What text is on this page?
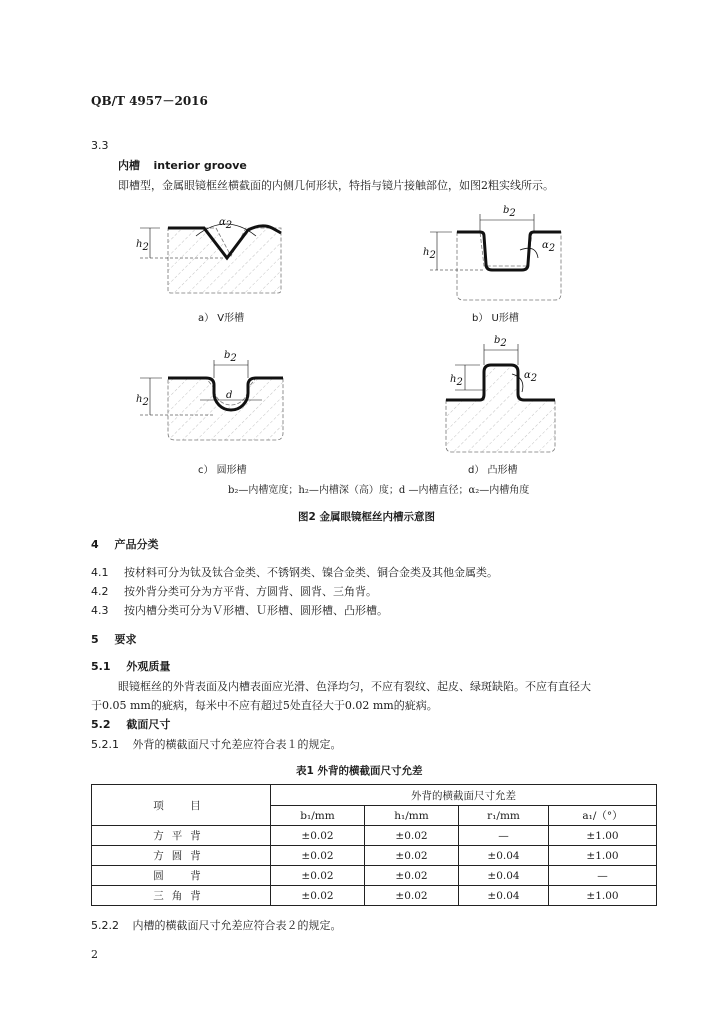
QB/T 4957－2016
3.3
内槽 interior groove
即槽型，金属眼镜框丝横截面的内侧几何形状，特指与镜片接触部位，如图2粗实线所示。
α2
h2
b2
h2
α2
b2
d
h2
b2
h2
α2
a） V形槽	b） U形槽
c） 圆形槽	d） 凸形槽
b₂—内槽宽度；h₂—内槽深（高）度；d —内槽直径；α₂—内槽角度
图2 金属眼镜框丝内槽示意图
4 产品分类
4.1 按材料可分为钛及钛合金类、不锈钢类、镍合金类、铜合金类及其他金属类。
4.2 按外背分类可分为方平背、方圆背、圆背、三角背。
4.3 按内槽分类可分为Ｖ形槽、Ｕ形槽、圆形槽、凸形槽。
5 要求
5.1 外观质量
眼镜框丝的外背表面及内槽表面应光滑、色泽均匀，不应有裂纹、起皮、绿斑缺陷。不应有直径大
于0.05 mm的疵病，每米中不应有超过5处直径大于0.02 mm的疵病。
5.2 截面尺寸
5.2.1 外背的横截面尺寸允差应符合表１的规定。
表1 外背的横截面尺寸允差
项　目	外背的横截面尺寸允差			
	b₁/mm	h₁/mm	r₁/mm	a₁/（°）
方平背	±0.02	±0.02	—	±1.00
方圆背	±0.02	±0.02	±0.04	±1.00
圆　背	±0.02	±0.02	±0.04	—
三角背	±0.02	±0.02	±0.04	±1.00
5.2.2 内槽的横截面尺寸允差应符合表２的规定。
2
